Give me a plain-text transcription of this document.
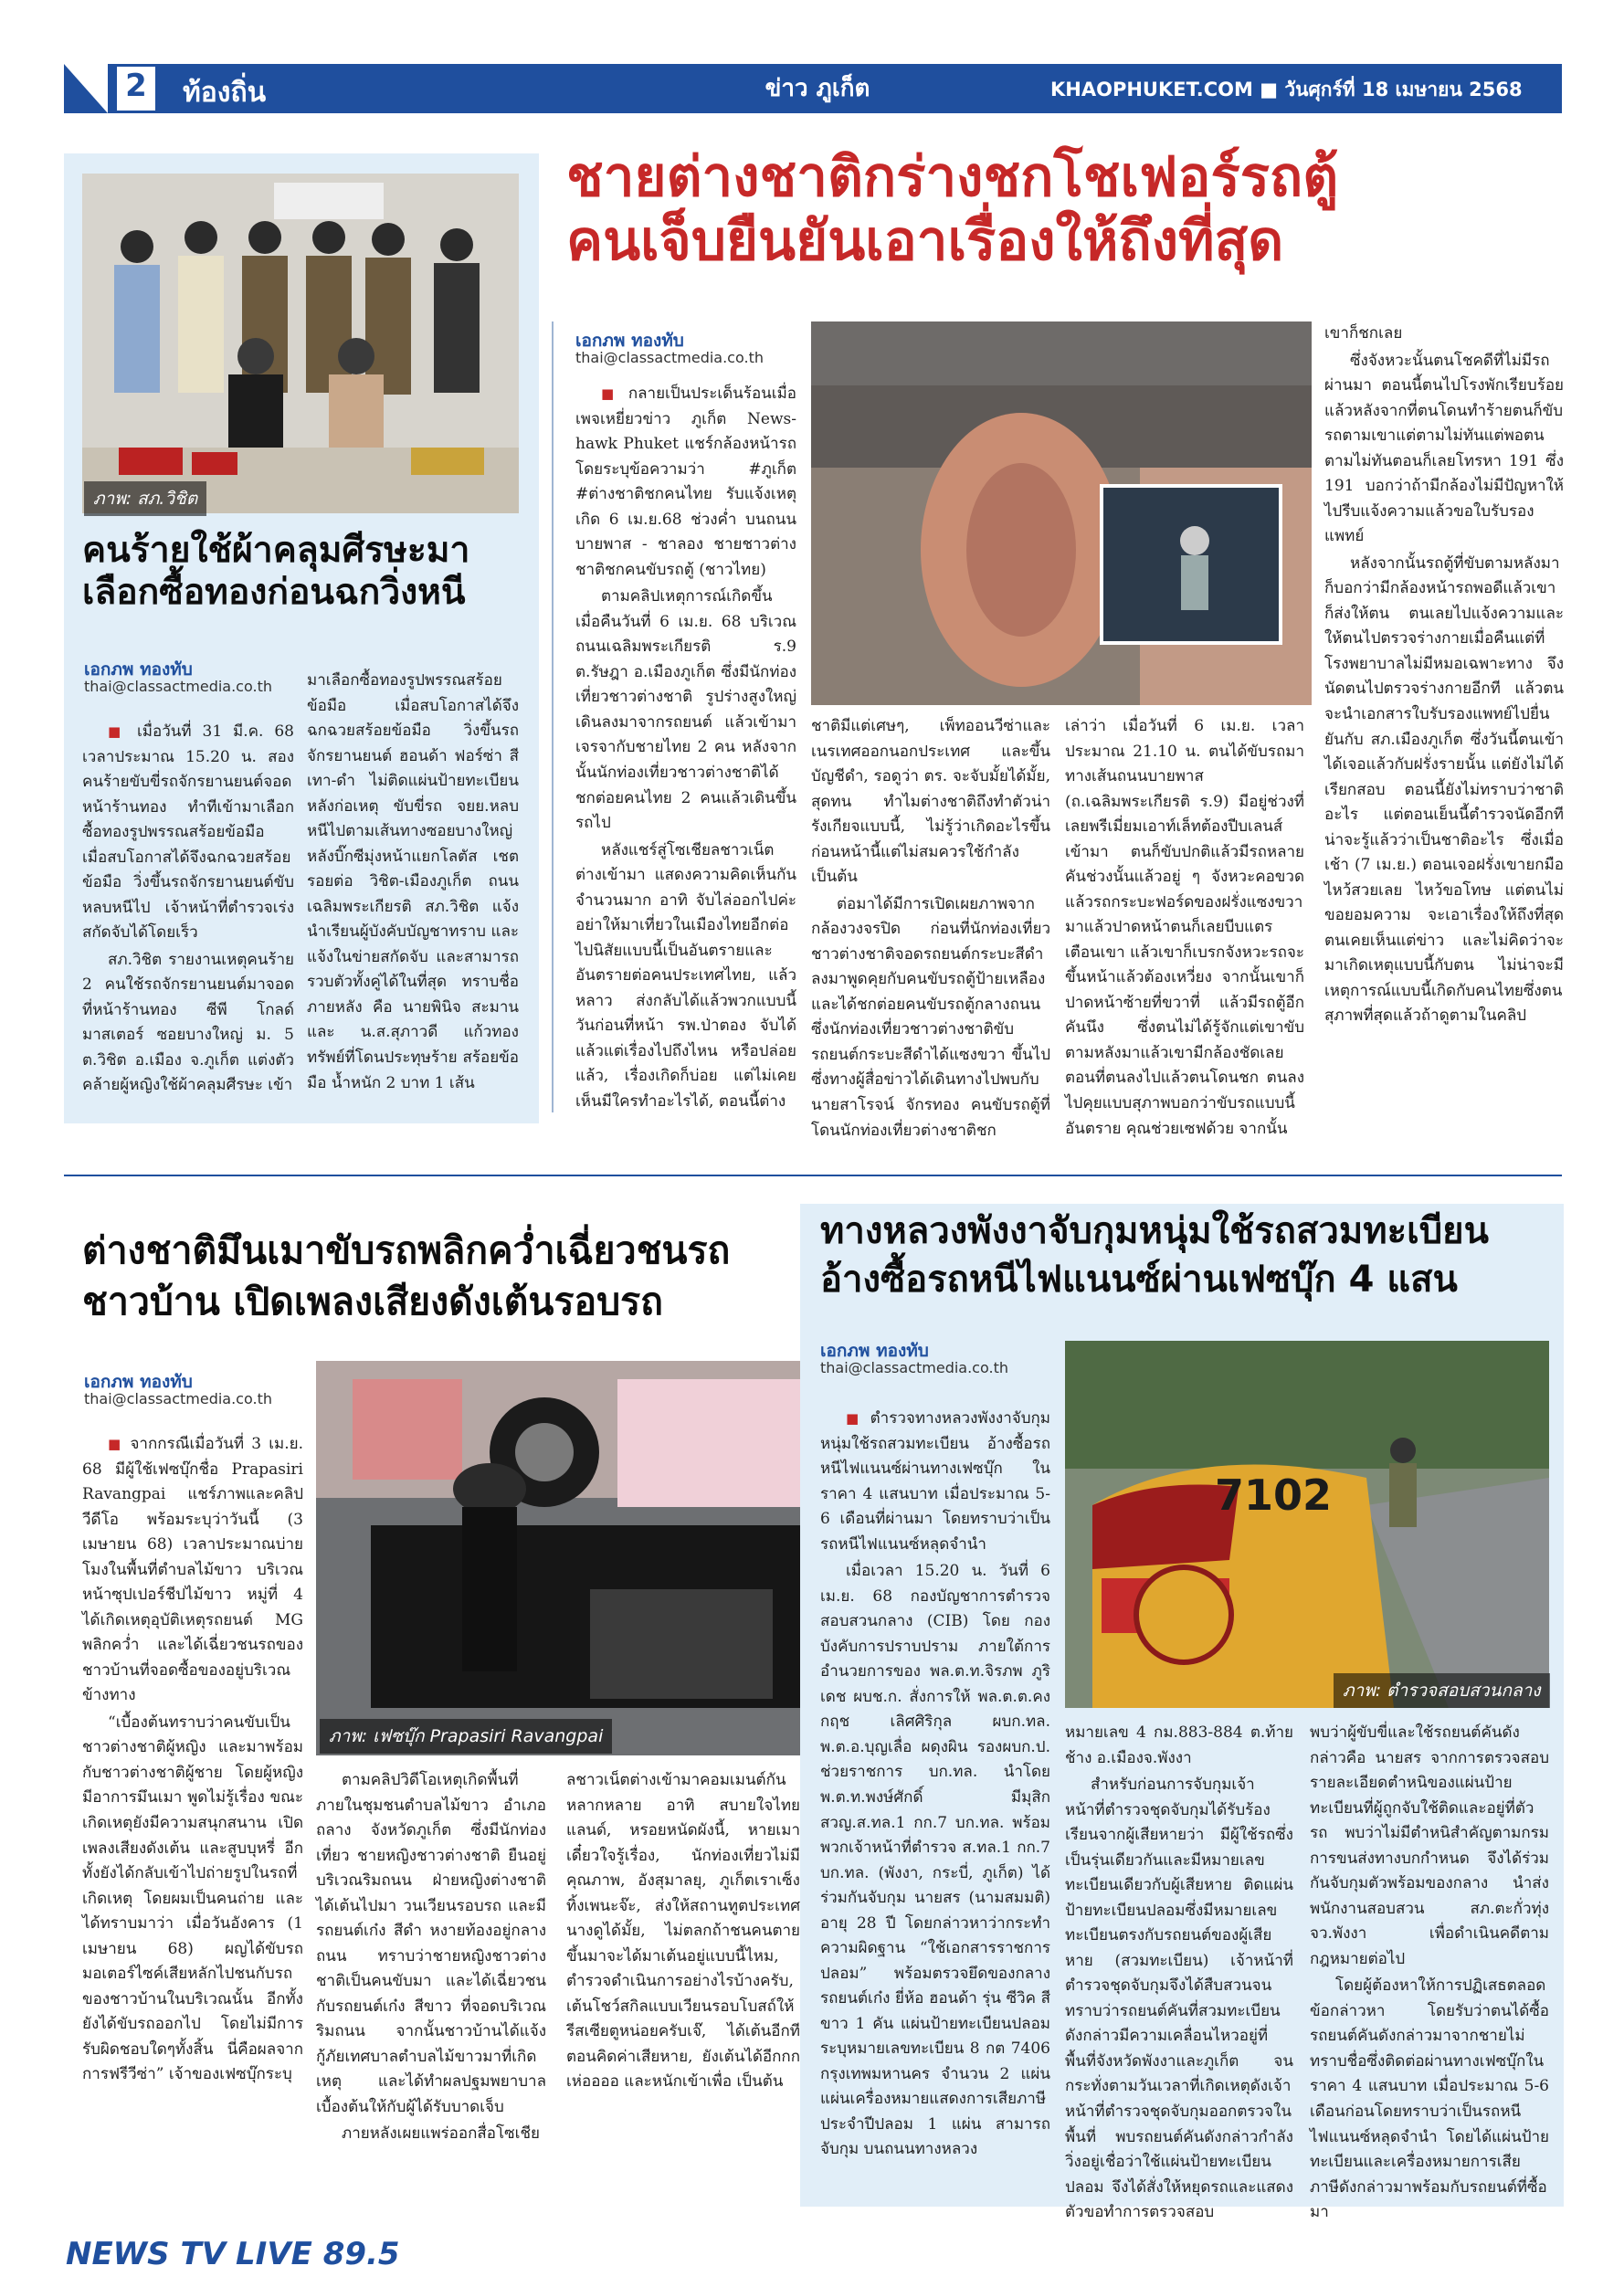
2	ท้องถิ่น	ข่าว ภูเก็ต	KHAOPHUKET.COM ■ วันศุกร์ที่ 18 เมษายน 2568
ภาพ: สภ.วิชิต
คนร้ายใช้ผ้าคลุมศีรษะมาเลือกซื้อทองก่อนฉกวิ่งหนี
เอกภพ ทองทับ
thai@classactmedia.co.th

■ เมื่อวันที่ 31 มี.ค. 68 เวลาประมาณ 15.20 น. สองคนร้ายขับขี่รถจักรยานยนต์จอดหน้าร้านทอง ทำทีเข้ามาเลือกซื้อทองรูปพรรณสร้อยข้อมือ เมื่อสบโอกาสได้จึงฉกฉวยสร้อยข้อมือ วิ่งขึ้นรถจักรยานยนต์ขับหลบหนีไป เจ้าหน้าที่ตำรวจเร่งสกัดจับได้โดยเร็ว

สภ.วิชิต รายงานเหตุคนร้าย 2 คนใช้รถจักรยานยนต์มาจอดที่หน้าร้านทอง ซีพี โกลด์ มาสเตอร์ ซอยบางใหญ่ ม. 5 ต.วิชิต อ.เมือง จ.ภูเก็ต แต่งตัวคล้ายผู้หญิงใช้ผ้าคลุมศีรษะ เข้า

มาเลือกซื้อทองรูปพรรณสร้อยข้อมือ เมื่อสบโอกาสได้จึงฉกฉวยสร้อยข้อมือ วิ่งขึ้นรถจักรยานยนต์ ฮอนด้า ฟอร์ซ่า สีเทา-ดำ ไม่ติดแผ่นป้ายทะเบียน หลังก่อเหตุ ขับขี่รถ จยย.หลบหนีไปตามเส้นทางซอยบางใหญ่ หลังบิ๊กซีมุ่งหน้าแยกโลตัส เชตรอยต่อ วิชิต-เมืองภูเก็ต ถนนเฉลิมพระเกียรติ สภ.วิชิต แจ้งนำเรียนผู้บังคับบัญชาทราบ และแจ้งในข่ายสกัดจับ และสามารถรวบตัวทั้งคู่ได้ในที่สุด ทราบชื่อภายหลัง คือ นายพินิจ สะมาน และ น.ส.สุภาวดี แก้วทอง ทรัพย์ที่โดนประทุษร้าย สร้อยข้อมือ น้ำหนัก 2 บาท 1 เส้น

ชายต่างชาติกร่างชกโชเฟอร์รถตู้
คนเจ็บยืนยันเอาเรื่องให้ถึงที่สุด
เอกภพ ทองทับ
thai@classactmedia.co.th

■ กลายเป็นประเด็นร้อนเมื่อเพจเหยี่ยวข่าว ภูเก็ต News-hawk Phuket แชร์กล้องหน้ารถโดยระบุข้อความว่า #ภูเก็ต #ต่างชาติชกคนไทย รับแจ้งเหตุเกิด 6 เม.ย.68 ช่วงค่ำ บนถนนบายพาส - ชาลอง ชายชาวต่างชาติชกคนขับรถตู้ (ชาวไทย)

ตามคลิปเหตุการณ์เกิดขึ้นเมื่อคืนวันที่ 6 เม.ย. 68 บริเวณถนนเฉลิมพระเกียรติ ร.9 ต.รัษฎา อ.เมืองภูเก็ต ซึ่งมีนักท่องเที่ยวชาวต่างชาติ รูปร่างสูงใหญ่เดินลงมาจากรถยนต์ แล้วเข้ามาเจรจากับชายไทย 2 คน หลังจากนั้นนักท่องเที่ยวชาวต่างชาติได้ชกต่อยคนไทย 2 คนแล้วเดินขึ้นรถไป

หลังแชร์สู่โซเชียลชาวเน็ตต่างเข้ามา แสดงความคิดเห็นกันจำนวนมาก อาทิ จับไล่ออกไปค่ะ อย่าให้มาเที่ยวในเมืองไทยอีกต่อไปนิสัยแบบนี้เป็นอันตรายและอันตรายต่อคนประเทศไทย, แล้วหลาว ส่งกลับได้แล้วพวกแบบนี้ วันก่อนที่หน้า รพ.ป่าตอง จับได้แล้วแต่เรื่องไปถึงไหน หรือปล่อยแล้ว, เรื่องเกิดก็บ่อย แต่ไม่เคยเห็นมีใครทำอะไรได้, ตอนนี้ต่าง

ชาติมีแต่เศษๆ, เพ็ทออนวีซ่าและเนรเทศออกนอกประเทศ และขึ้นบัญชีดำ, รอดูว่า ตร. จะจับมั้ยได้มั้ย, สุดทน ทำไมต่างชาติถึงทำตัวน่ารังเกียจแบบนี้, ไม่รู้ว่าเกิดอะไรขึ้น ก่อนหน้านี้แต่ไม่สมควรใช้กำลัง เป็นต้น

ต่อมาได้มีการเปิดเผยภาพจากกล้องวงจรปิด ก่อนที่นักท่องเที่ยวชาวต่างชาติจอดรถยนต์กระบะสีดำ ลงมาพูดคุยกับคนขับรถตู้ป้ายเหลือง และได้ชกต่อยคนขับรถตู้กลางถนน ซึ่งนักท่องเที่ยวชาวต่างชาติขับรถยนต์กระบะสีดำได้แซงขวา ขึ้นไป ซึ่งทางผู้สื่อข่าวได้เดินทางไปพบกับนายสาโรจน์ จักรทอง คนขับรถตู้ที่โดนนักท่องเที่ยวต่างชาติชก

เล่าว่า เมื่อวันที่ 6 เม.ย. เวลาประมาณ 21.10 น. ตนได้ขับรถมาทางเส้นถนนบายพาส (ถ.เฉลิมพระเกียรติ ร.9) มีอยู่ช่วงที่เลยพรีเมี่ยมเอาท์เล็ทต้องปีบเลนส์เข้ามา ตนก็ขับปกติแล้วมีรถหลายคันช่วงนั้นแล้วอยู่ ๆ จังหวะคอขวดแล้วรถกระบะฟอร์ดของฝรั่งแซงขวามาแล้วปาดหน้าตนก็เลยบีบแตรเตือนเขา แล้วเขาก็เบรกจังหวะรถจะขึ้นหน้าแล้วต้องเหวี่ยง จากนั้นเขาก็ปาดหน้าซ้ายที่ขวาที่ แล้วมีรถตู้อีกคันนึง ซึ่งตนไม่ได้รู้จักแต่เขาขับตามหลังมาแล้วเขามีกล้องชัดเลย ตอนที่ตนลงไปแล้วตนโดนชก ตนลงไปคุยแบบสุภาพบอกว่าขับรถแบบนี้อันตราย คุณช่วยเซฟด้วย จากนั้น

เขาก็ชกเลย

ซึ่งจังหวะนั้นตนโชคดีที่ไม่มีรถผ่านมา ตอนนี้ตนไปโรงพักเรียบร้อยแล้วหลังจากที่ตนโดนทำร้ายตนก็ขับรถตามเขาแต่ตามไม่ทันแต่พอตนตามไม่ทันตอนก็เลยโทรหา 191 ซึ่ง 191 บอกว่าถ้ามีกล้องไม่มีปัญหาให้ไปรีบแจ้งความแล้วขอใบรับรองแพทย์

หลังจากนั้นรถตู้ที่ขับตามหลังมาก็บอกว่ามีกล้องหน้ารถพอดีแล้วเขาก็ส่งให้ตน ตนเลยไปแจ้งความและให้ตนไปตรวจร่างกายเมื่อคืนแต่ที่โรงพยาบาลไม่มีหมอเฉพาะทาง จึงนัดตนไปตรวจร่างกายอีกที แล้วตนจะนำเอกสารใบรับรองแพทย์ไปยื่นยันกับ สภ.เมืองภูเก็ต ซึ่งวันนี้ตนเข้าได้เจอแล้วกับฝรั่งรายนั้น แต่ยังไม่ได้เรียกสอบ ตอนนี้ยังไม่ทราบว่าชาติอะไร แต่ตอนเย็นนี้ตำรวจนัดอีกที น่าจะรู้แล้วว่าเป็นชาติอะไร ซึ่งเมื่อเช้า (7 เม.ย.) ตอนเจอฝรั่งเขายกมือไหว้สวยเลย ไหว้ขอโทษ แต่ตนไม่ขอยอมความ จะเอาเรื่องให้ถึงที่สุด ตนเคยเห็นแต่ข่าว และไม่คิดว่าจะมาเกิดเหตุแบบนี้กับตน ไม่น่าจะมีเหตุการณ์แบบนี้เกิดกับคนไทยซึ่งตนสุภาพที่สุดแล้วถ้าดูตามในคลิป

ต่างชาติมึนเมาขับรถพลิกคว่ำเฉี่ยวชนรถ
ชาวบ้าน เปิดเพลงเสียงดังเต้นรอบรถ
เอกภพ ทองทับ
thai@classactmedia.co.th

■ จากกรณีเมื่อวันที่ 3 เม.ย. 68 มีผู้ใช้เฟซบุ๊กชื่อ Prapasiri Ravangpai แชร์ภาพและคลิปวีดีโอ พร้อมระบุว่าวันนี้ (3 เมษายน 68) เวลาประมาณบ่ายโมงในพื้นที่ตำบลไม้ขาว บริเวณหน้าซุปเปอร์ชีปไม้ขาว หมู่ที่ 4 ได้เกิดเหตุอุบัติเหตุรถยนต์ MG พลิกคว่ำ และได้เฉี่ยวชนรถของชาวบ้านที่จอดซื้อของอยู่บริเวณข้างทาง

“เบื้องต้นทราบว่าคนขับเป็นชาวต่างชาติผู้หญิง และมาพร้อมกับชาวต่างชาติผู้ชาย โดยผู้หญิงมีอาการมึนเมา พูดไม่รู้เรื่อง ขณะเกิดเหตุยังมีความสนุกสนาน เปิดเพลงเสียงดังเต้น และสูบบุหรี่ อีกทั้งยังได้กลับเข้าไปถ่ายรูปในรถที่เกิดเหตุ โดยผมเป็นคนถ่าย และได้ทราบมาว่า เมื่อวันอังคาร (1 เมษายน 68) ผญได้ขับรถมอเตอร์ไซค์เสียหลักไปชนกับรถของชาวบ้านในบริเวณนั้น อีกทั้งยังได้ขับรถออกไป โดยไม่มีการรับผิดชอบใดๆทั้งสิ้น นี่คือผลจากการฟรีวีซ่า” เจ้าของเฟซบุ๊กระบุ

ภาพ: เฟซบุ๊ก Prapasiri Ravangpai

ตามคลิปวิดีโอเหตุเกิดพื้นที่ภายในชุมชนตำบลไม้ขาว อำเภอถลาง จังหวัดภูเก็ต ซึ่งมีนักท่องเที่ยว ชายหญิงชาวต่างชาติ ยืนอยู่บริเวณริมถนน ฝ่ายหญิงต่างชาติได้เต้นไปมา วนเวียนรอบรถ และมีรถยนต์เก๋ง สีดำ หงายท้องอยู่กลางถนน ทราบว่าชายหญิงชาวต่างชาติเป็นคนขับมา และได้เฉี่ยวชนกับรถยนต์เก๋ง สีขาว ที่จอดบริเวณริมถนน จากนั้นชาวบ้านได้แจ้งกู้ภัยเทศบาลตำบลไม้ขาวมาที่เกิดเหตุ และได้ทำผลปฐมพยาบาลเบื้องต้นให้กับผู้ได้รับบาดเจ็บ

ภายหลังเผยแพร่ออกสื่อโซเชีย

ลชาวเน็ตต่างเข้ามาคอมเมนต์กันหลากหลาย อาทิ สบายใจไทยแลนด์, หรอยหนัดผังนี้, หายเมาเดี๋ยวใจรู้เรื่อง, นักท่องเที่ยวไม่มีคุณภาพ, อังสุมาลยุ, ภูเก็ตเราเซ็งทิ้งเพนะจ๊ะ, ส่งให้สถานทูตประเทศนางดูได้มั้ย, ไม่ตลกถ้าชนคนตายขึ้นมาจะได้มาเต้นอยู่แบบนี้ไหม, ตำรวจดำเนินการอย่างไรบ้างครับ, เต้นโชว์สกิลแบบเวียนรอบโบสถ์ให้รีสเซียตูหน่อยครับเจ๊, ได้เต้นอีกทีตอนคิดค่าเสียหาย, ยังเต้นได้อีกกก เห่ออออ และหนักเข้าเพื่อ เป็นต้น

ทางหลวงพังงาจับกุมหนุ่มใช้รถสวมทะเบียน
อ้างซื้อรถหนีไฟแนนซ์ผ่านเฟซบุ๊ก 4 แสน
เอกภพ ทองทับ
thai@classactmedia.co.th

■ ตำรวจทางหลวงพังงาจับกุมหนุ่มใช้รถสวมทะเบียน อ้างซื้อรถหนีไฟแนนซ์ผ่านทางเฟซบุ๊ก ในราคา 4 แสนบาท เมื่อประมาณ 5-6 เดือนที่ผ่านมา โดยทราบว่าเป็นรถหนีไฟแนนซ์หลุดจำนำ

เมื่อเวลา 15.20 น. วันที่ 6 เม.ย. 68 กองบัญชาการตำรวจสอบสวนกลาง (CIB) โดย กองบังคับการปราบปราม ภายใต้การอำนวยการของ พล.ต.ท.จิรภพ ภูริเดช ผบช.ก. สั่งการให้ พล.ต.ต.คงกฤช เลิศศิริกุล ผบก.ทล. พ.ต.อ.บุญเลื่อ ผดุงผิน รองผบก.ป. ช่วยราชการ บก.ทล. นำโดย พ.ต.ท.พงษ์ศักดิ์ มีมุสิก สวญ.ส.ทล.1 กก.7 บก.ทล. พร้อมพวกเจ้าหน้าที่ตำรวจ ส.ทล.1 กก.7 บก.ทล. (พังงา, กระบี่, ภูเก็ต) ได้ร่วมกันจับกุม นายสร (นามสมมติ) อายุ 28 ปี โดยกล่าวหาว่ากระทำความผิดฐาน “ใช้เอกสารราชการปลอม” พร้อมตรวจยึดของกลาง รถยนต์เก๋ง ยี่ห้อ ฮอนด้า รุ่น ซีวิค สีขาว 1 คัน แผ่นป้ายทะเบียนปลอม ระบุหมายเลขทะเบียน 8 กต 7406 กรุงเทพมหานคร จำนวน 2 แผ่น แผ่นเครื่องหมายแสดงการเสียภาษีประจำปีปลอม 1 แผ่น สามารถจับกุม บนถนนทางหลวง

7102
ภาพ: ตำรวจสอบสวนกลาง

หมายเลข 4 กม.883-884 ต.ท้ายช้าง อ.เมืองจ.พังงา

สำหรับก่อนการจับกุมเจ้าหน้าที่ตำรวจชุดจับกุมได้รับร้องเรียนจากผู้เสียหายว่า มีผู้ใช้รถซึ่งเป็นรุ่นเดียวกันและมีหมายเลขทะเบียนเดียวกับผู้เสียหาย ติดแผ่นป้ายทะเบียนปลอมซึ่งมีหมายเลขทะเบียนตรงกับรถยนต์ของผู้เสียหาย (สวมทะเบียน) เจ้าหน้าที่ตำรวจชุดจับกุมจึงได้สืบสวนจนทราบว่ารถยนต์คันที่สวมทะเบียนดังกล่าวมีความเคลื่อนไหวอยู่ที่พื้นที่จังหวัดพังงาและภูเก็ต จนกระทั่งตามวันเวลาที่เกิดเหตุดังเจ้าหน้าที่ตำรวจชุดจับกุมออกตรวจในพื้นที่ พบรถยนต์คันดังกล่าวกำลังวิ่งอยู่เชื่อว่าใช้แผ่นป้ายทะเบียนปลอม จึงได้สั่งให้หยุดรถและแสดงตัวขอทำการตรวจสอบ

พบว่าผู้ขับขี่และใช้รถยนต์คันดังกล่าวคือ นายสร จากการตรวจสอบรายละเอียดตำหนิของแผ่นป้ายทะเบียนที่ผู้ถูกจับใช้ติดและอยู่ที่ตัวรถ พบว่าไม่มีตำหนิสำคัญตามกรมการขนส่งทางบกกำหนด จึงได้ร่วมกันจับกุมตัวพร้อมของกลาง นำส่งพนักงานสอบสวน สภ.ตะกั่วทุ่ง จว.พังงา เพื่อดำเนินคดีตามกฎหมายต่อไป

โดยผู้ต้องหาให้การปฏิเสธตลอดข้อกล่าวหา โดยรับว่าตนได้ซื้อรถยนต์คันดังกล่าวมาจากชายไม่ทราบชื่อซึ่งติดต่อผ่านทางเฟซบุ๊กในราคา 4 แสนบาท เมื่อประมาณ 5-6 เดือนก่อนโดยทราบว่าเป็นรถหนีไฟแนนซ์หลุดจำนำ โดยได้แผ่นป้ายทะเบียนและเครื่องหมายการเสียภาษีดังกล่าวมาพร้อมกับรถยนต์ที่ซื้อมา

NEWS TV LIVE 89.5
